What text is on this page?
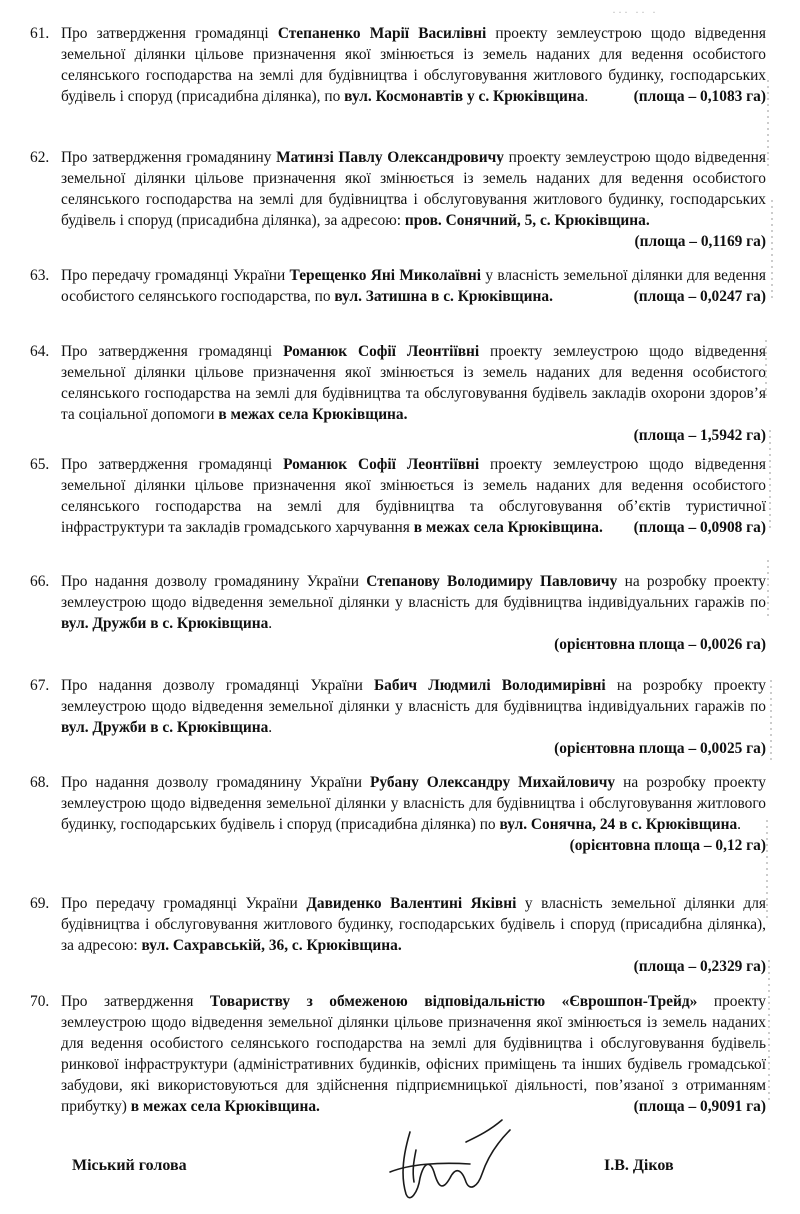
··· ·· ·
61. Про затвердження громадянці Степаненко Марії Василівні проекту землеустрою щодо відведення земельної ділянки цільове призначення якої змінюється із земель наданих для ведення особистого селянського господарства на землі для будівництва і обслуговування житлового будинку, господарських будівель і споруд (присадибна ділянка), по вул. Космонавтів у с. Крюківщина.	(площа – 0,1083 га)
62. Про затвердження громадянину Матинзі Павлу Олександровичу проекту землеустрою щодо відведення земельної ділянки цільове призначення якої змінюється із земель наданих для ведення особистого селянського господарства на землі для будівництва і обслуговування житлового будинку, господарських будівель і споруд (присадибна ділянка), за адресою: пров. Сонячний, 5, с. Крюківщина.
(площа – 0,1169 га)
63. Про передачу громадянці України Терещенко Яні Миколаївні у власність земельної ділянки для ведення особистого селянського господарства, по вул. Затишна в с. Крюківщина.	(площа – 0,0247 га)
64. Про затвердження громадянці Романюк Софії Леонтіївні проекту землеустрою щодо відведення земельної ділянки цільове призначення якої змінюється із земель наданих для ведення особистого селянського господарства на землі для будівництва та обслуговування будівель закладів охорони здоров’я та соціальної допомоги в межах села Крюківщина.
(площа – 1,5942 га)
65. Про затвердження громадянці Романюк Софії Леонтіївні проекту землеустрою щодо відведення земельної ділянки цільове призначення якої змінюється із земель наданих для ведення особистого селянського господарства на землі для будівництва та обслуговування об’єктів туристичної інфраструктури та закладів громадського харчування в межах села Крюківщина. (площа – 0,0908 га)
66. Про надання дозволу громадянину України Степанову Володимиру Павловичу на розробку проекту землеустрою щодо відведення земельної ділянки у власність для будівництва індивідуальних гаражів по вул. Дружби в с. Крюківщина.
(орієнтовна площа – 0,0026 га)
67. Про надання дозволу громадянці України Бабич Людмилі Володимирівні на розробку проекту землеустрою щодо відведення земельної ділянки у власність для будівництва індивідуальних гаражів по вул. Дружби в с. Крюківщина.
(орієнтовна площа – 0,0025 га)
68. Про надання дозволу громадянину України Рубану Олександру Михайловичу на розробку проекту землеустрою щодо відведення земельної ділянки у власність для будівництва і обслуговування житлового будинку, господарських будівель і споруд (присадибна ділянка) по вул. Сонячна, 24 в с. Крюківщина.
(орієнтовна площа – 0,12 га)
69. Про передачу громадянці України Давиденко Валентині Яківні у власність земельної ділянки для будівництва і обслуговування житлового будинку, господарських будівель і споруд (присадибна ділянка), за адресою: вул. Сахравській, 36, с. Крюківщина.
(площа – 0,2329 га)
70. Про затвердження Товариству з обмеженою відповідальністю «Єврошпон-Трейд» проекту землеустрою щодо відведення земельної ділянки цільове призначення якої змінюється із земель наданих для ведення особистого селянського господарства на землі для будівництва і обслуговування будівель ринкової інфраструктури (адміністративних будинків, офісних приміщень та інших будівель громадської забудови, які використовуються для здійснення підприємницької діяльності, пов’язаної з отриманням прибутку) в межах села Крюківщина.	(площа – 0,9091 га)
Міський голова	І.В. Діков
